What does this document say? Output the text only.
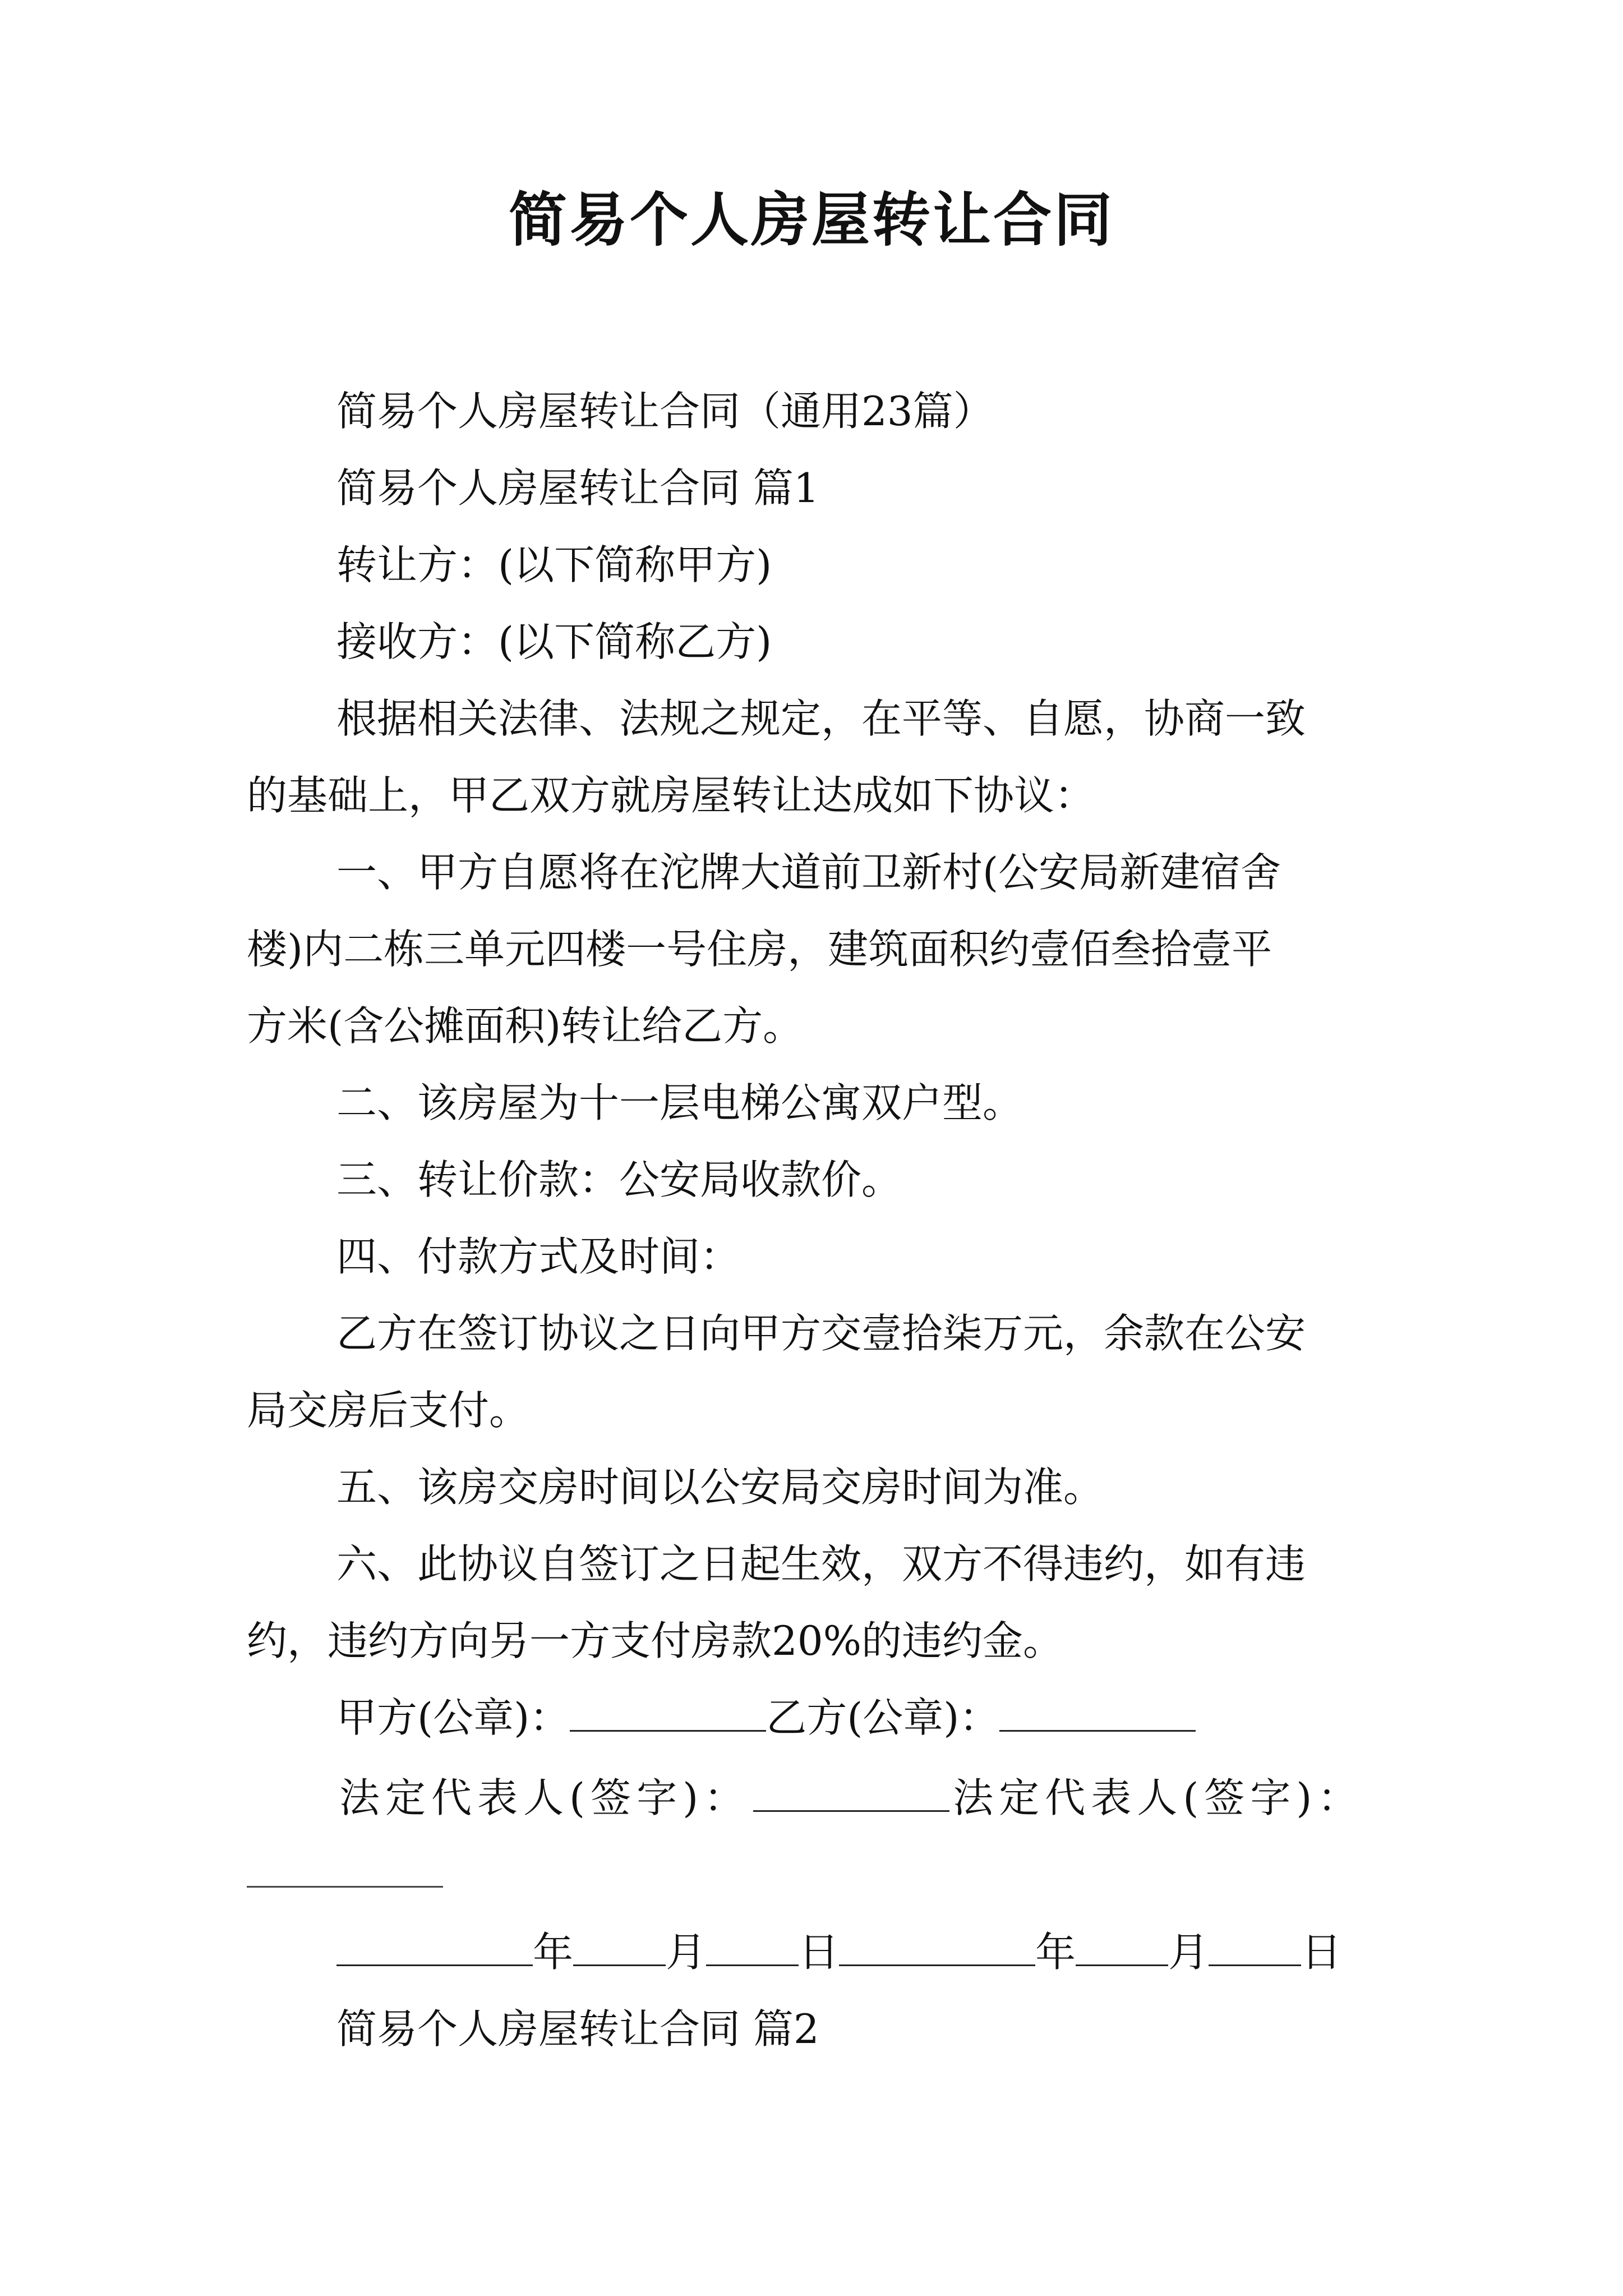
简易个人房屋转让合同
简易个人房屋转让合同（通用23篇）
简易个人房屋转让合同 篇1
转让方：(以下简称甲方)
接收方：(以下简称乙方)
根据相关法律、法规之规定，在平等、自愿，协商一致
的基础上，甲乙双方就房屋转让达成如下协议：
一、甲方自愿将在沱牌大道前卫新村(公安局新建宿舍
楼)内二栋三单元四楼一号住房，建筑面积约壹佰叁拾壹平
方米(含公摊面积)转让给乙方。
二、该房屋为十一层电梯公寓双户型。
三、转让价款：公安局收款价。
四、付款方式及时间：
乙方在签订协议之日向甲方交壹拾柒万元，余款在公安
局交房后支付。
五、该房交房时间以公安局交房时间为准。
六、此协议自签订之日起生效，双方不得违约，如有违
约，违约方向另一方支付房款20%的违约金。
甲方(公章)：	乙方(公章)：
法定代表人(签字)：	法定代表人(签字)：
年 月 日	年 月 日
简易个人房屋转让合同 篇2
